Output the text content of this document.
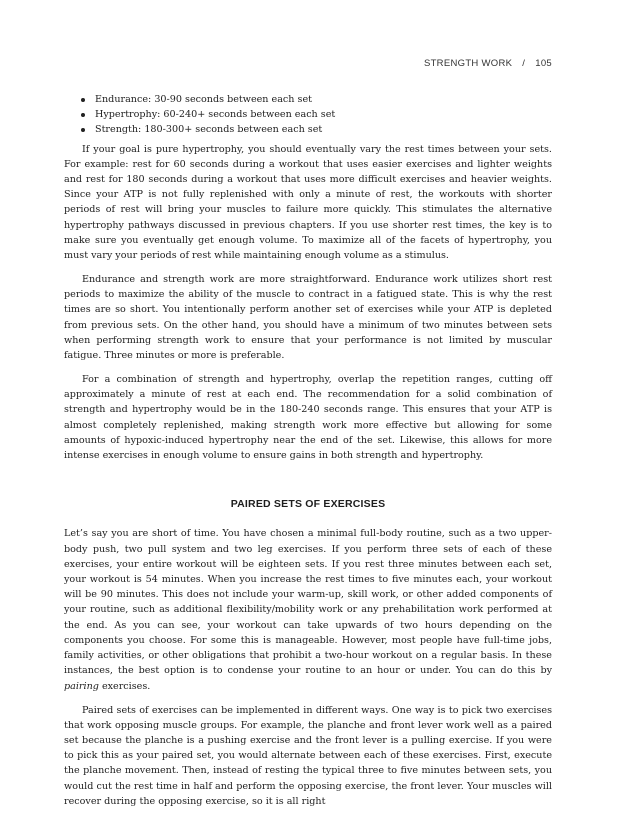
STRENGTH WORK / 105
Endurance: 30-90 seconds between each set
Hypertrophy: 60-240+ seconds between each set
Strength: 180-300+ seconds between each set

If your goal is pure hypertrophy, you should eventually vary the rest times between your sets. For example: rest for 60 seconds during a workout that uses easier exercises and lighter weights and rest for 180 seconds during a workout that uses more difficult exercises and heavier weights. Since your ATP is not fully replenished with only a minute of rest, the workouts with shorter periods of rest will bring your muscles to failure more quickly. This stimulates the alternative hypertrophy pathways discussed in previous chapters. If you use shorter rest times, the key is to make sure you eventually get enough volume. To maximize all of the facets of hypertrophy, you must vary your periods of rest while maintaining enough volume as a stimulus.

Endurance and strength work are more straightforward. Endurance work utilizes short rest periods to maximize the ability of the muscle to contract in a fatigued state. This is why the rest times are so short. You intentionally perform another set of exercises while your ATP is depleted from previous sets. On the other hand, you should have a minimum of two minutes between sets when performing strength work to ensure that your performance is not limited by muscular fatigue. Three minutes or more is preferable.

For a combination of strength and hypertrophy, overlap the repetition ranges, cutting off approximately a minute of rest at each end. The recommendation for a solid combination of strength and hypertrophy would be in the 180-240 seconds range. This ensures that your ATP is almost completely replenished, making strength work more effective but allowing for some amounts of hypoxic-induced hypertrophy near the end of the set. Likewise, this allows for more intense exercises in enough volume to ensure gains in both strength and hypertrophy.

PAIRED SETS OF EXERCISES

Let’s say you are short of time. You have chosen a minimal full-body routine, such as a two upper-body push, two pull system and two leg exercises. If you perform three sets of each of these exercises, your entire workout will be eighteen sets. If you rest three minutes between each set, your workout is 54 minutes. When you increase the rest times to five minutes each, your workout will be 90 minutes. This does not include your warm-up, skill work, or other added components of your routine, such as additional flexibility/mobility work or any prehabilitation work performed at the end. As you can see, your workout can take upwards of two hours depending on the components you choose. For some this is manageable. However, most people have full-time jobs, family activities, or other obligations that prohibit a two-hour workout on a regular basis. In these instances, the best option is to condense your routine to an hour or under. You can do this by pairing exercises.

Paired sets of exercises can be implemented in different ways. One way is to pick two exercises that work opposing muscle groups. For example, the planche and front lever work well as a paired set because the planche is a pushing exercise and the front lever is a pulling exercise. If you were to pick this as your paired set, you would alternate between each of these exercises. First, execute the planche movement. Then, instead of resting the typical three to five minutes between sets, you would cut the rest time in half and perform the opposing exercise, the front lever. Your muscles will recover during the opposing exercise, so it is all right
